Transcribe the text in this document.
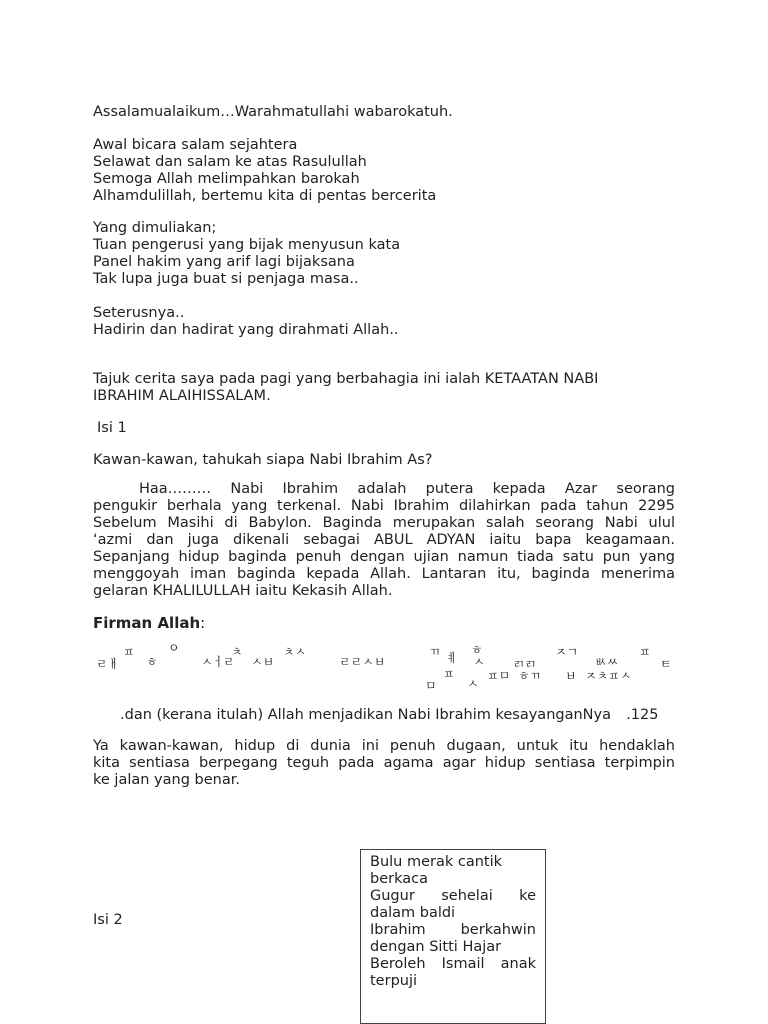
Assalamualaikum…Warahmatullahi wabarokatuh.
Awal bicara salam sejahtera
Selawat dan salam ke atas Rasulullah
Semoga Allah melimpahkan barokah
Alhamdulillah, bertemu kita di pentas bercerita
Yang dimuliakan;
Tuan pengerusi yang bijak menyusun kata
Panel hakim yang arif lagi bijaksana
Tak lupa juga buat si penjaga masa..
Seterusnya..
Hadirin dan hadirat yang dirahmati Allah..
Tajuk cerita saya pada pagi yang berbahagia ini ialah KETAATAN NABI
IBRAHIM ALAIHISSALAM.
Isi 1
Kawan-kawan, tahukah siapa Nabi Ibrahim As?
Haa……… Nabi Ibrahim adalah putera kepada Azar seorang
pengukir berhala yang terkenal. Nabi Ibrahim dilahirkan pada tahun 2295
Sebelum Masihi di Babylon. Baginda merupakan salah seorang Nabi ulul
‘azmi dan juga dikenali sebagai ABUL ADYAN iaitu bapa keagamaan.
Sepanjang hidup baginda penuh dengan ujian namun tiada satu pun yang
menggoyah iman baginda kepada Allah. Lantaran itu, baginda menerima
gelaran KHALILULLAH iaitu Kekasih Allah.
Firman Allah:
ㅍ	ㅇ	ㅊ	ㅊㅅ	ㄲ	ㅎ	ㅈㄱ	ㅍ
ㄹㅐ ㅎ	ㅅㅓ
ㄹ ㅅㅂ	ㄹㄹㅅㅂ	ㅖ ㅅ ㄺㄺ	ㅄㅆ	ㅌ
ㅍ	ㅍㅁ ㅎㄲ ㅂ ㅈㅊㅍㅅ
ㅁ	ㅅ
.dan (kerana itulah) Allah menjadikan Nabi Ibrahim kesayanganNya .125
Ya kawan-kawan, hidup di dunia ini penuh dugaan, untuk itu hendaklah
kita sentiasa berpegang teguh pada agama agar hidup sentiasa terpimpin
ke jalan yang benar.
Isi 2
Bulu merak cantik
berkaca
Gugur sehelai ke
dalam baldi
Ibrahim berkahwin
dengan Sitti Hajar
Beroleh Ismail anak
terpuji
